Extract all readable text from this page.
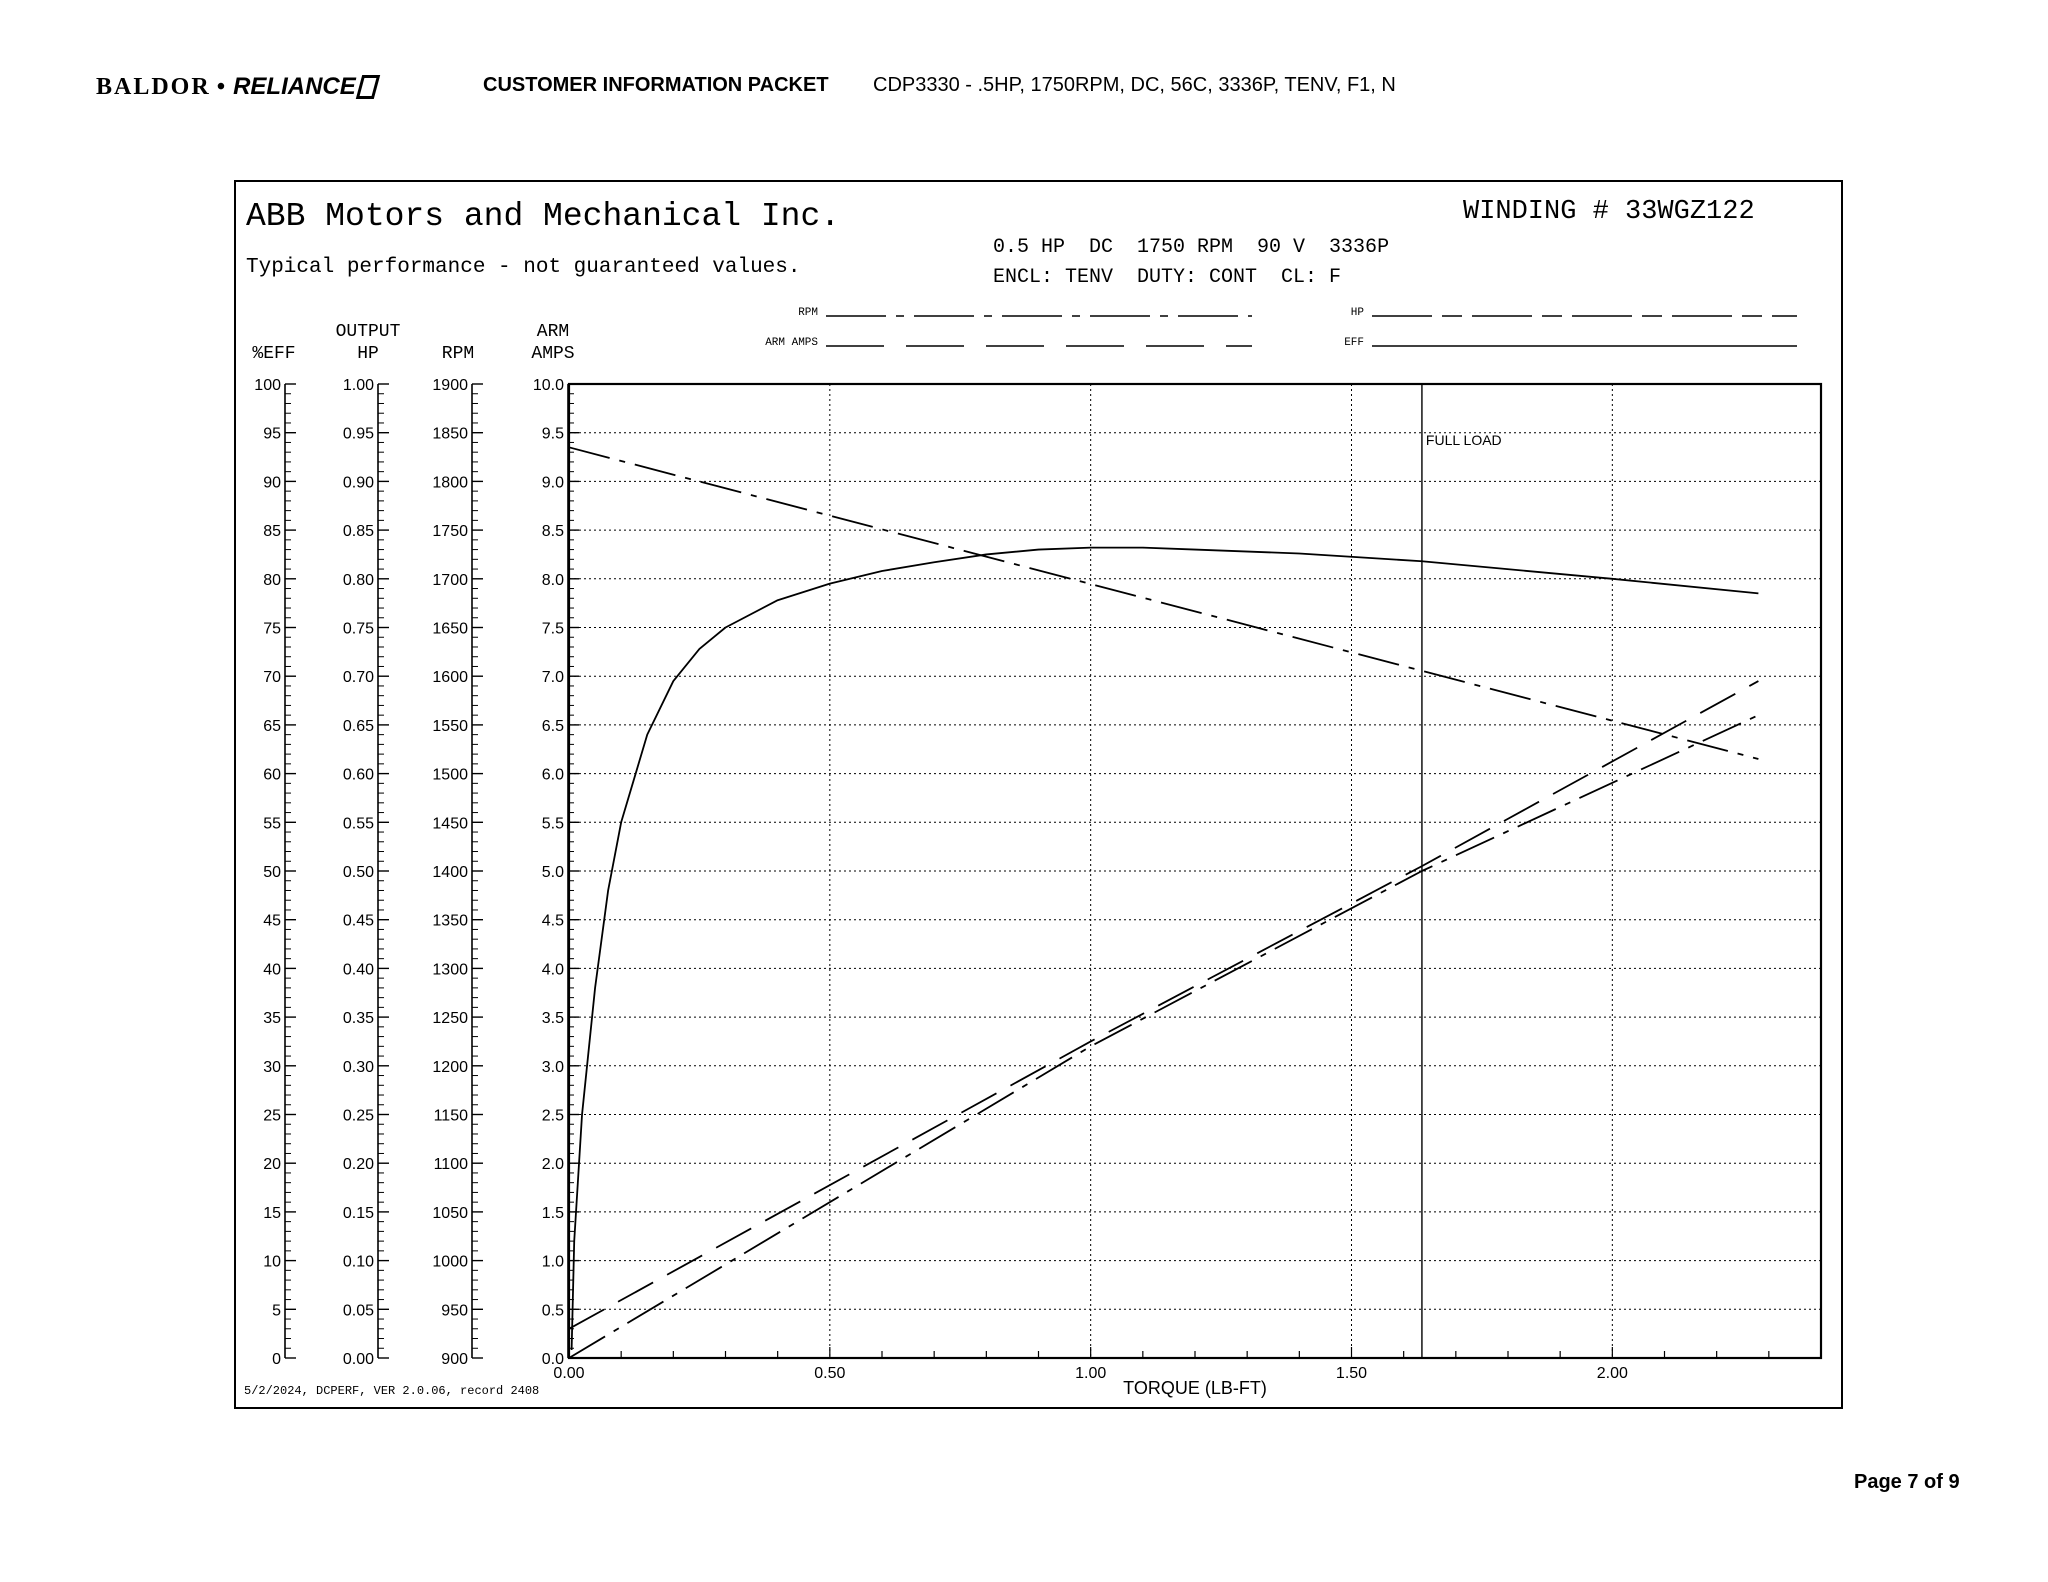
BALDOR • RELIANCE	CUSTOMER INFORMATION PACKET CDP3330 - .5HP, 1750RPM, DC, 56C, 3336P, TENV, F1, N
ABB Motors and Mechanical Inc.
Typical performance - not guaranteed values.
WINDING # 33WGZ122
0.5 HP  DC  1750 RPM  90 V  3336P
ENCL: TENV  DUTY: CONT  CL: F
RPM
ARM AMPS
HP
EFF
%EFF
OUTPUT
HP	RPM
ARM
AMPS
0
5
10
15
20
25
30
35
40
45
50
55
60
65
70
75
80
85
90
95
100
0.00
0.05
0.10
0.15
0.20
0.25
0.30
0.35
0.40
0.45
0.50
0.55
0.60
0.65
0.70
0.75
0.80
0.85
0.90
0.95
1.00
900
950
1000
1050
1100
1150
1200
1250
1300
1350
1400
1450
1500
1550
1600
1650
1700
1750
1800
1850
1900
0.0
0.5
1.0
1.5
2.0
2.5
3.0
3.5
4.0
4.5
5.0
5.5
6.0
6.5
7.0
7.5
8.0
8.5
9.0
9.5
10.0
0.00	0.50	1.00	1.50	2.00
FULL LOAD
TORQUE (LB-FT)
5/2/2024, DCPERF, VER 2.0.06, record 2408
Page 7 of 9
